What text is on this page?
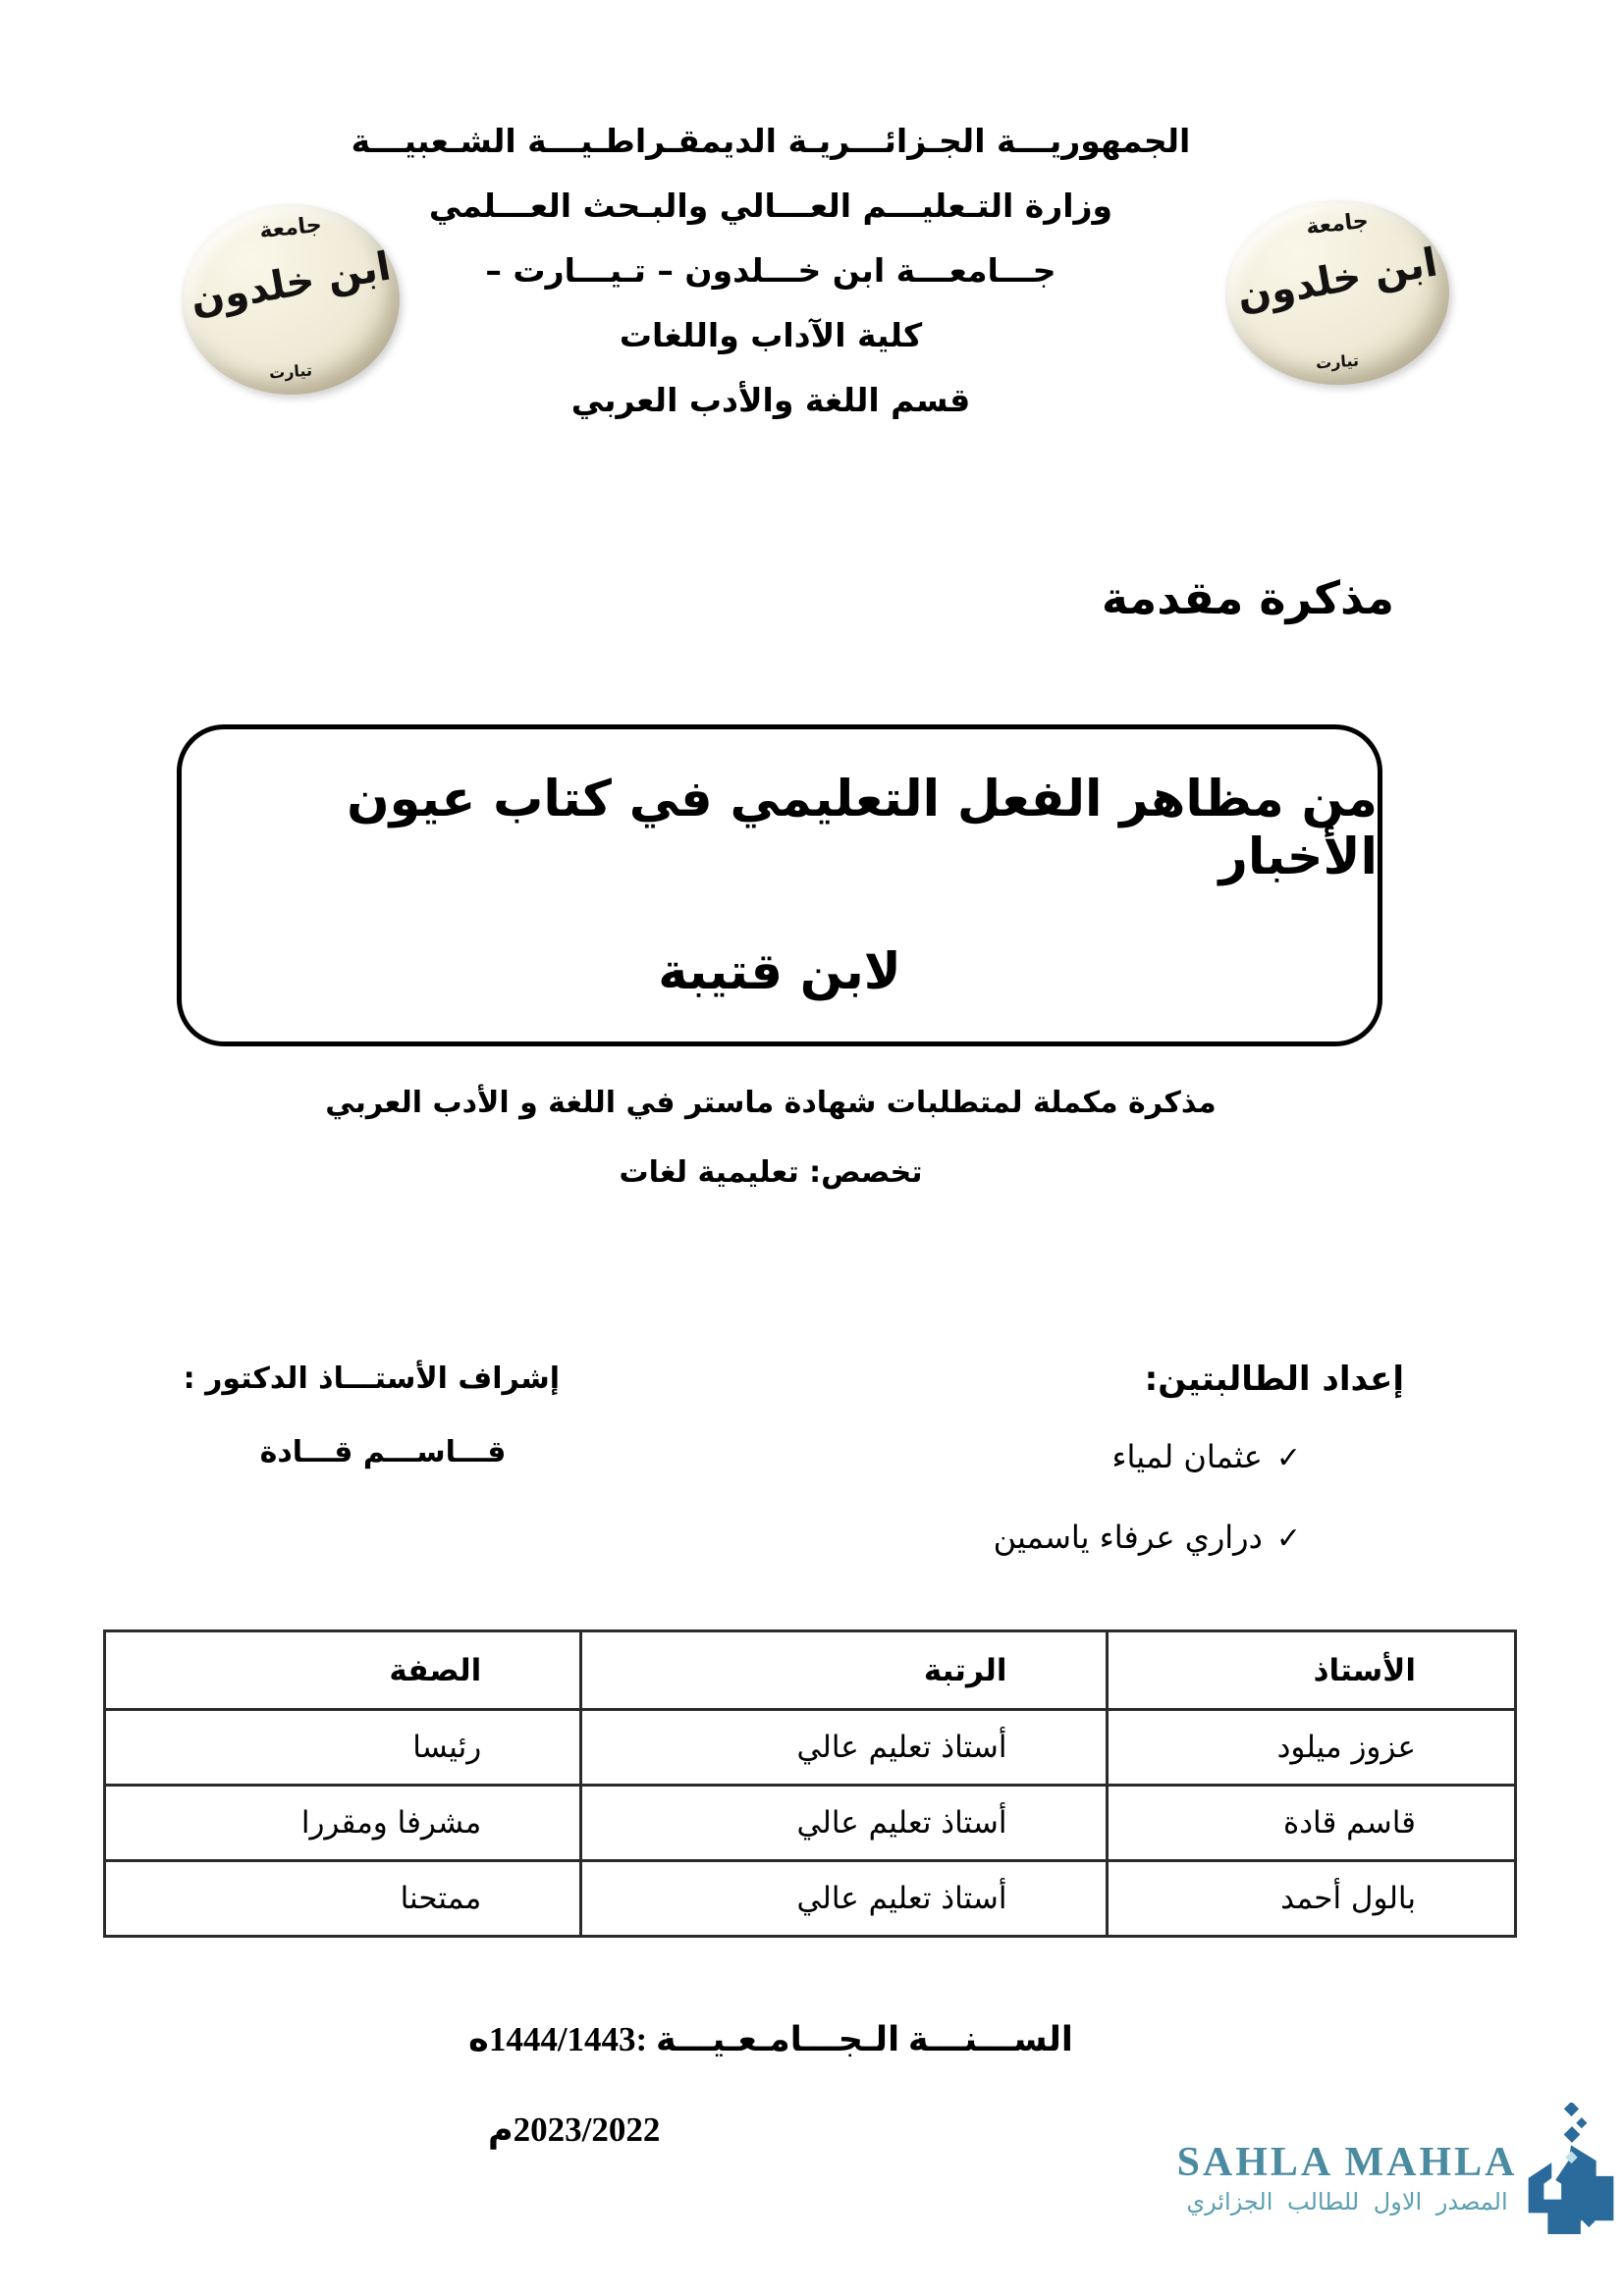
الجمهوريـــة الجـزائـــريـة الديمقـراطـيـــة الشـعبيـــة
وزارة التـعليـــم العـــالي والبـحث العـــلمي
جـــامعـــة ابن خـــلدون – تـيـــارت –
كلية الآداب واللغات
قسم اللغة والأدب العربي
جامعة
ابن خلدون
تيارت
جامعة
ابن خلدون
تيارت
مذكرة مقدمة
من مظاهر الفعل التعليمي في كتاب عيون الأخبار
لابن قتيبة
مذكرة مكملة لمتطلبات شهادة ماستر في اللغة و الأدب العربي
تخصص: تعليمية لغات
إعداد الطالبتين:
✓عثمان لمياء
✓دراري عرفاء ياسمين
إشراف الأستـــاذ الدكتور :
قـــاســـم قـــادة
الأستاذ	الرتبة	الصفة
عزوز ميلود	أستاذ تعليم عالي	رئيسا
قاسم قادة	أستاذ تعليم عالي	مشرفا ومقررا
بالول أحمد	أستاذ تعليم عالي	ممتحنا
الســـنـــة الـجـــامـعـيـــة :1444/1443ه
2023/2022م
SAHLA MAHLA
المصدر الاول للطالب الجزائري
